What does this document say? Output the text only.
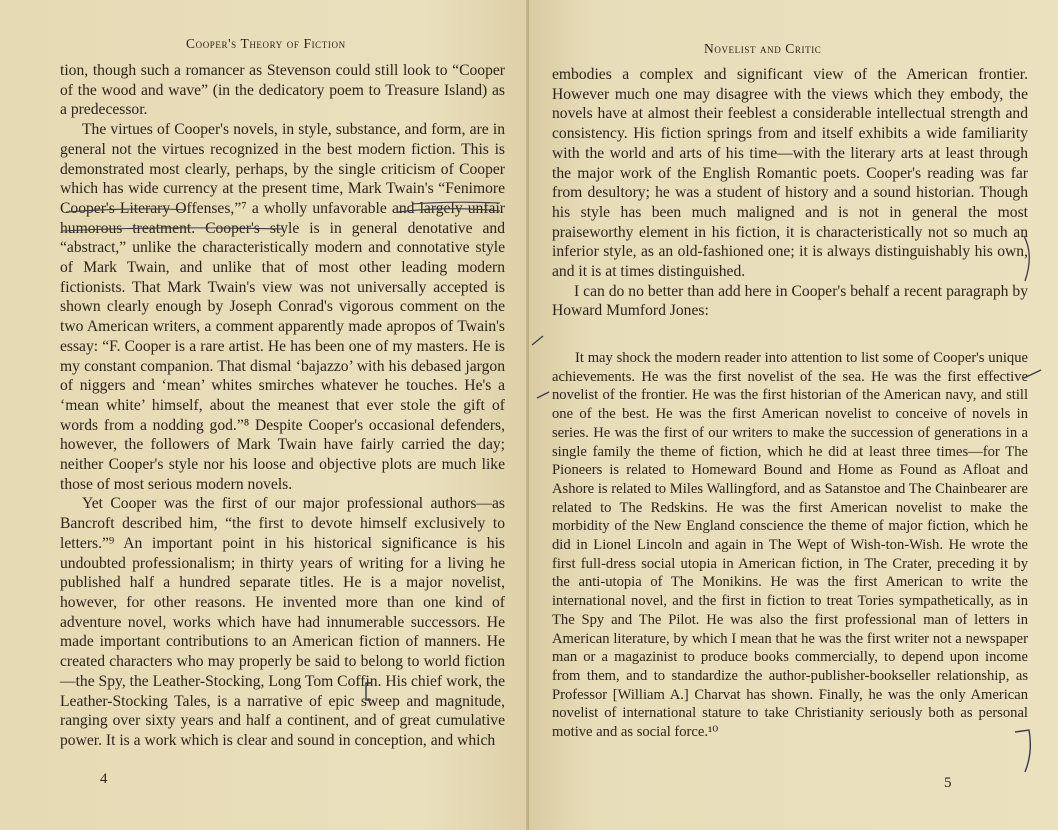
Cooper's Theory of Fiction

tion, though such a romancer as Stevenson could still look to “Cooper of the wood and wave” (in the dedicatory poem to Treasure Island) as a predecessor.

The virtues of Cooper's novels, in style, substance, and form, are in general not the virtues recognized in the best modern fiction. This is demonstrated most clearly, perhaps, by the single criticism of Cooper which has wide currency at the present time, Mark Twain's “Fenimore Cooper's Literary Offenses,”⁷ a wholly unfavorable and largely unfair humorous treatment. Cooper's style is in general denotative and “abstract,” unlike the characteristically modern and connotative style of Mark Twain, and unlike that of most other leading modern fictionists. That Mark Twain's view was not universally accepted is shown clearly enough by Joseph Conrad's vigorous comment on the two American writers, a comment apparently made apropos of Twain's essay: “F. Cooper is a rare artist. He has been one of my masters. He is my constant companion. That dismal ‘bajazzo’ with his debased jargon of niggers and ‘mean’ whites smirches whatever he touches. He's a ‘mean white’ himself, about the meanest that ever stole the gift of words from a nodding god.”⁸ Despite Cooper's occasional defenders, however, the followers of Mark Twain have fairly carried the day; neither Cooper's style nor his loose and objective plots are much like those of most serious modern novels.

Yet Cooper was the first of our major professional authors—as Bancroft described him, “the first to devote himself exclusively to letters.”⁹ An important point in his historical significance is his undoubted professionalism; in thirty years of writing for a living he published half a hundred separate titles. He is a major novelist, however, for other reasons. He invented more than one kind of adventure novel, works which have had innumerable successors. He made important contributions to an American fiction of manners. He created characters who may properly be said to belong to world fiction—the Spy, the Leather-Stocking, Long Tom Coffin. His chief work, the Leather-Stocking Tales, is a narrative of epic sweep and magnitude, ranging over sixty years and half a continent, and of great cumulative power. It is a work which is clear and sound in conception, and which

4
Novelist and Critic

embodies a complex and significant view of the American frontier. However much one may disagree with the views which they embody, the novels have at almost their feeblest a considerable intellectual strength and consistency. His fiction springs from and itself exhibits a wide familiarity with the world and arts of his time—with the literary arts at least through the major work of the English Romantic poets. Cooper's reading was far from desultory; he was a student of history and a sound historian. Though his style has been much maligned and is not in general the most praiseworthy element in his fiction, it is characteristically not so much an inferior style, as an old-fashioned one; it is always distinguishably his own, and it is at times distinguished.

I can do no better than add here in Cooper's behalf a recent paragraph by Howard Mumford Jones:

It may shock the modern reader into attention to list some of Cooper's unique achievements. He was the first novelist of the sea. He was the first effective novelist of the frontier. He was the first historian of the American navy, and still one of the best. He was the first American novelist to conceive of novels in series. He was the first of our writers to make the succession of generations in a single family the theme of fiction, which he did at least three times—for The Pioneers is related to Homeward Bound and Home as Found as Afloat and Ashore is related to Miles Wallingford, and as Satanstoe and The Chainbearer are related to The Redskins. He was the first American novelist to make the morbidity of the New England conscience the theme of major fiction, which he did in Lionel Lincoln and again in The Wept of Wish-ton-Wish. He wrote the first full-dress social utopia in American fiction, in The Crater, preceding it by the anti-utopia of The Monikins. He was the first American to write the international novel, and the first in fiction to treat Tories sympathetically, as in The Spy and The Pilot. He was also the first professional man of letters in American literature, by which I mean that he was the first writer not a newspaper man or a magazinist to produce books commercially, to depend upon income from them, and to standardize the author-publisher-bookseller relationship, as Professor [William A.] Charvat has shown. Finally, he was the only American novelist of international stature to take Christianity seriously both as personal motive and as social force.¹⁰

5
